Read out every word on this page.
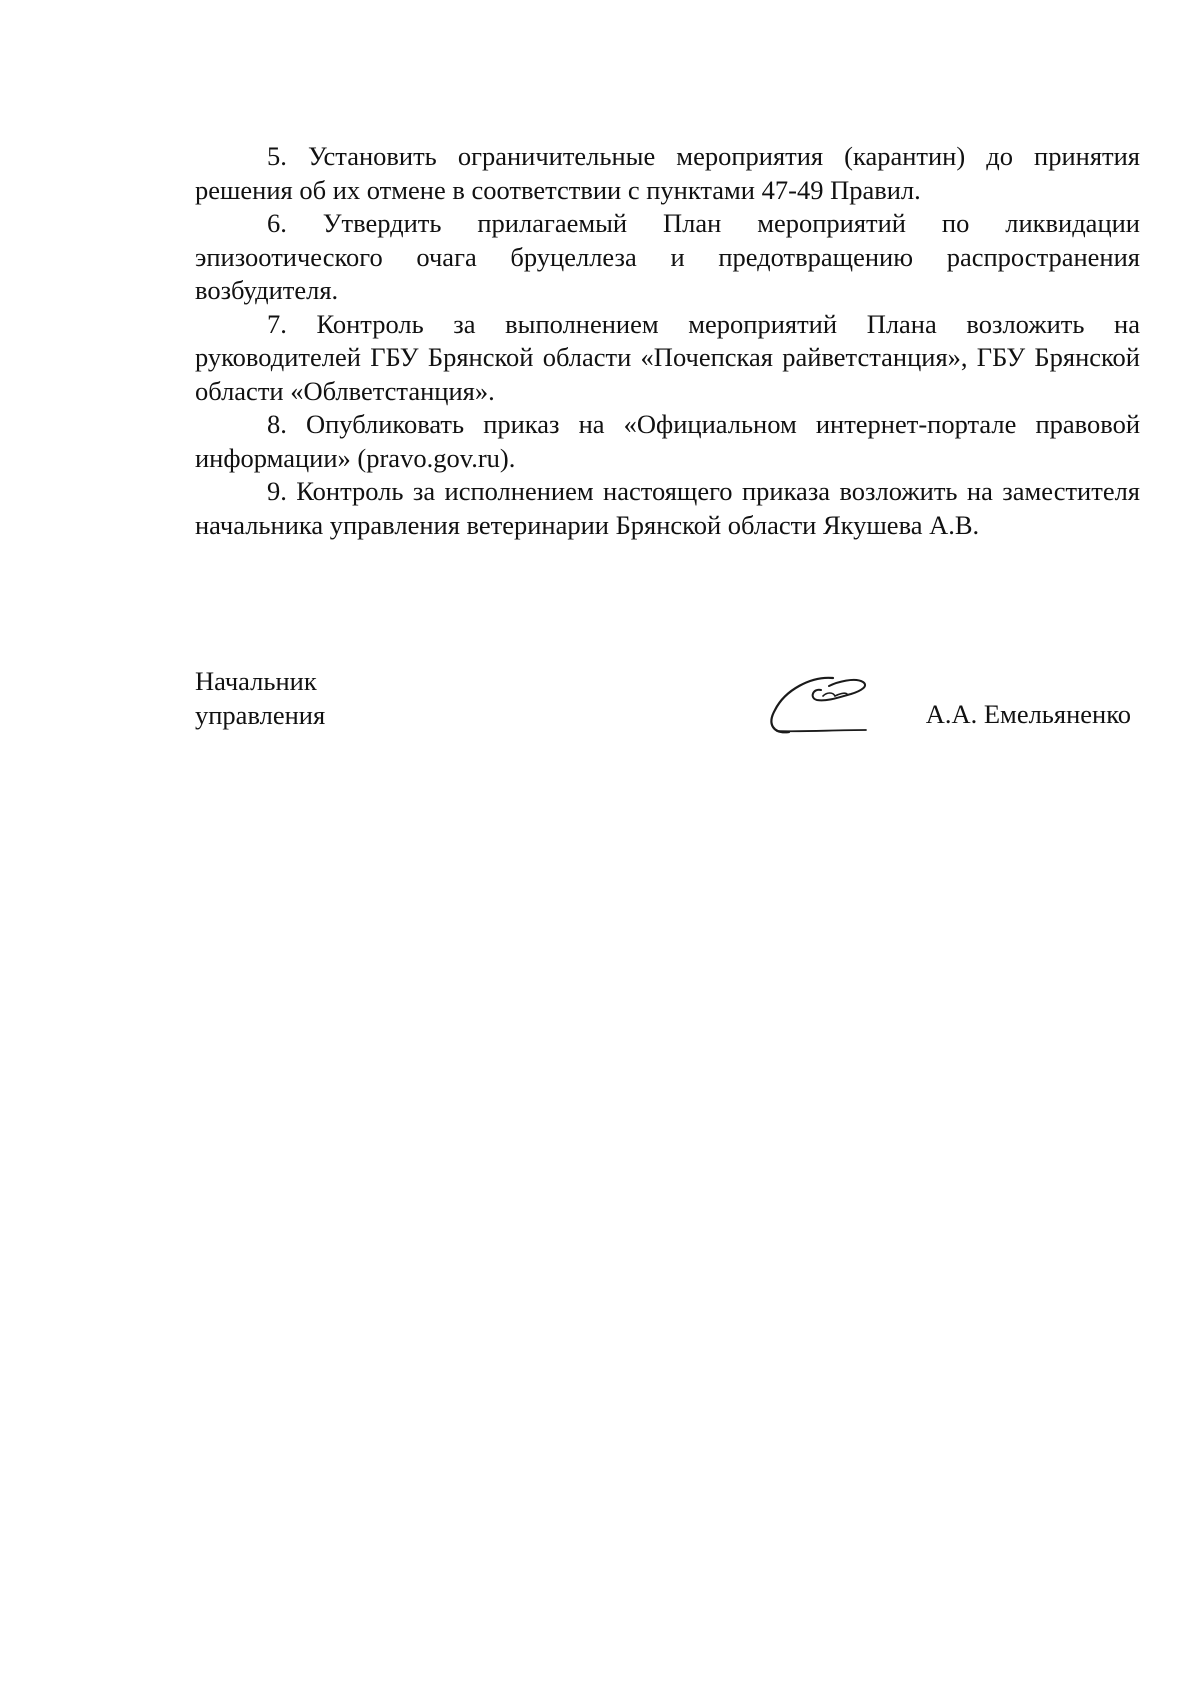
5. Установить ограничительные мероприятия (карантин) до принятия решения об их отмене в соответствии с пунктами 47-49 Правил.

6. Утвердить прилагаемый План мероприятий по ликвидации эпизоотического очага бруцеллеза и предотвращению распространения возбудителя.

7. Контроль за выполнением мероприятий Плана возложить на руководителей ГБУ Брянской области «Почепская райветстанция», ГБУ Брянской области «Облветстанция».

8. Опубликовать приказ на «Официальном интернет-портале правовой информации» (pravo.gov.ru).

9. Контроль за исполнением настоящего приказа возложить на заместителя начальника управления ветеринарии Брянской области Якушева А.В.

Начальник
управления	А.А. Емельяненко
